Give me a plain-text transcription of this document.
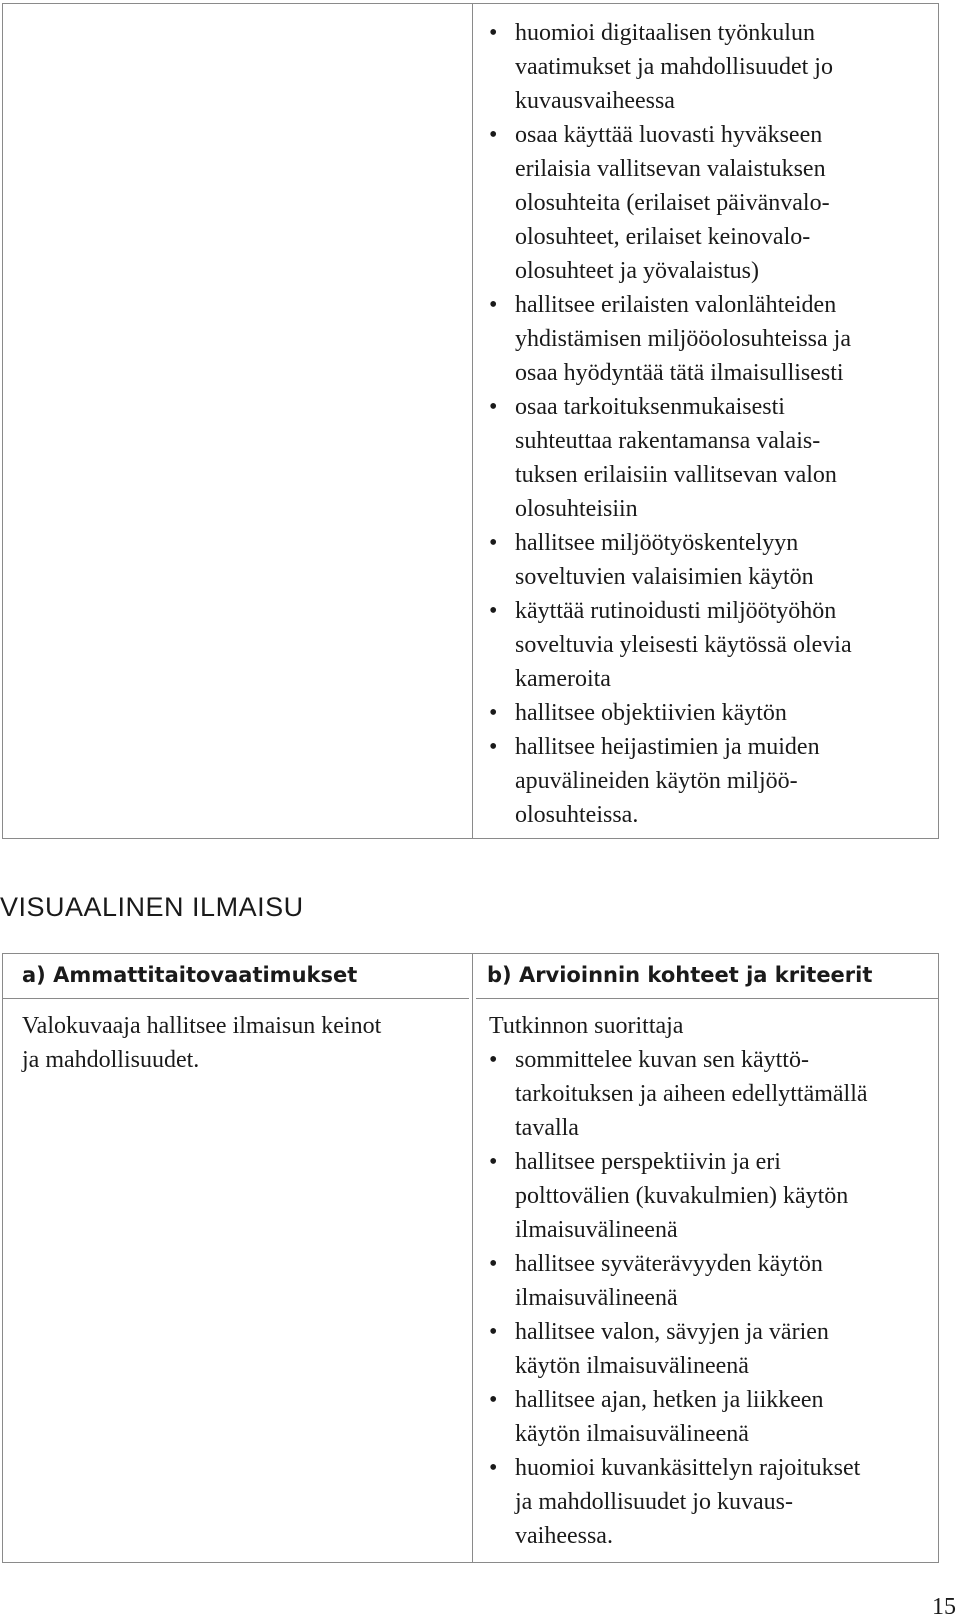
• huomioi digitaalisen työnkulun
vaatimukset ja mahdollisuudet jo
kuvausvaiheessa
• osaa käyttää luovasti hyväkseen
erilaisia vallitsevan valaistuksen
olosuhteita (erilaiset päivänvalo-
olosuhteet, erilaiset keinovalo-
olosuhteet ja yövalaistus)
• hallitsee erilaisten valonlähteiden
yhdistämisen miljööolosuhteissa ja
osaa hyödyntää tätä ilmaisullisesti
• osaa tarkoituksenmukaisesti
suhteuttaa rakentamansa valais-
tuksen erilaisiin vallitsevan valon
olosuhteisiin
• hallitsee miljöötyöskentelyyn
soveltuvien valaisimien käytön
• käyttää rutinoidusti miljöötyöhön
soveltuvia yleisesti käytössä olevia
kameroita
• hallitsee objektiivien käytön
• hallitsee heijastimien ja muiden
apuvälineiden käytön miljöö-
olosuhteissa.
VISUAALINEN ILMAISU
a) Ammattitaitovaatimukset	b) Arvioinnin kohteet ja kriteerit
Valokuvaaja hallitsee ilmaisun keinot
ja mahdollisuudet.
Tutkinnon suorittaja
• sommittelee kuvan sen käyttö-
tarkoituksen ja aiheen edellyttämällä
tavalla
• hallitsee perspektiivin ja eri
polttovälien (kuvakulmien) käytön
ilmaisuvälineenä
• hallitsee syväterävyyden käytön
ilmaisuvälineenä
• hallitsee valon, sävyjen ja värien
käytön ilmaisuvälineenä
• hallitsee ajan, hetken ja liikkeen
käytön ilmaisuvälineenä
• huomioi kuvankäsittelyn rajoitukset
ja mahdollisuudet jo kuvaus-
vaiheessa.
15
